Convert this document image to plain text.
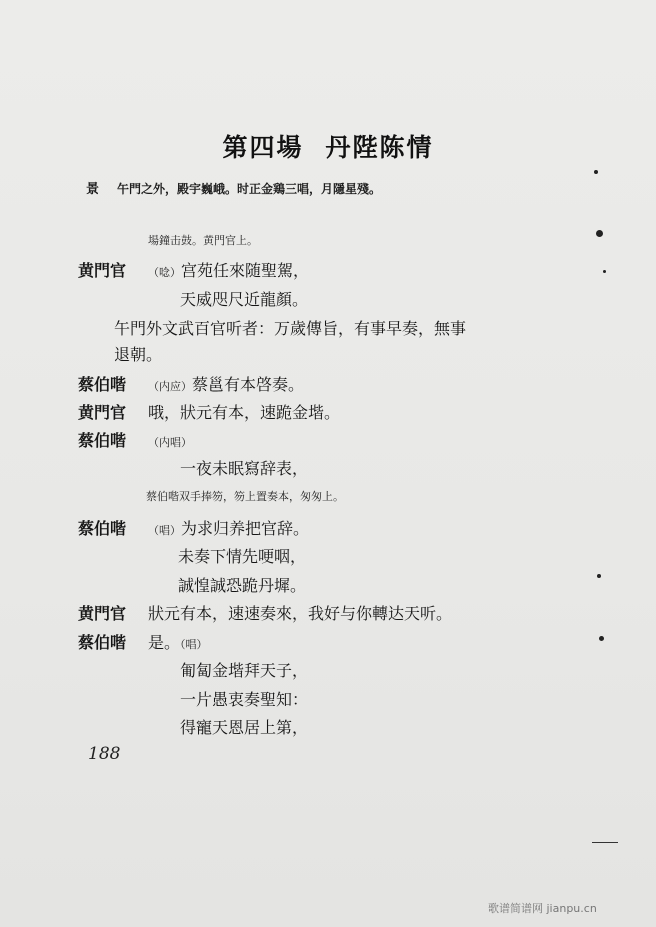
第四場 丹陛陈情
景 午門之外，殿宇巍峨。时正金鶏三唱，月隱星殘。
場鐘击鼓。黄門官上。
黄門官 （唸）宫苑任來随聖駕，
天威咫尺近龍顏。
午門外文武百官听者：万歲傳旨，有事早奏，無事
退朝。
蔡伯喈 （内应）蔡邕有本啓奏。
黄門官 哦，狀元有本，速跪金堦。
蔡伯喈 （内唱）
一夜未眠寫辞表，
蔡伯喈双手捧笏，笏上置奏本，匆匆上。
蔡伯喈 （唱）为求归养把官辞。
未奏下情先哽咽，
誠惶誠恐跪丹墀。
黄門官 狀元有本，速速奏來，我好与你轉达天听。
蔡伯喈 是。（唱）
匍匐金堦拜天子，
一片愚衷奏聖知：
得寵天恩居上第，
188
歌谱简谱网 jianpu.cn
